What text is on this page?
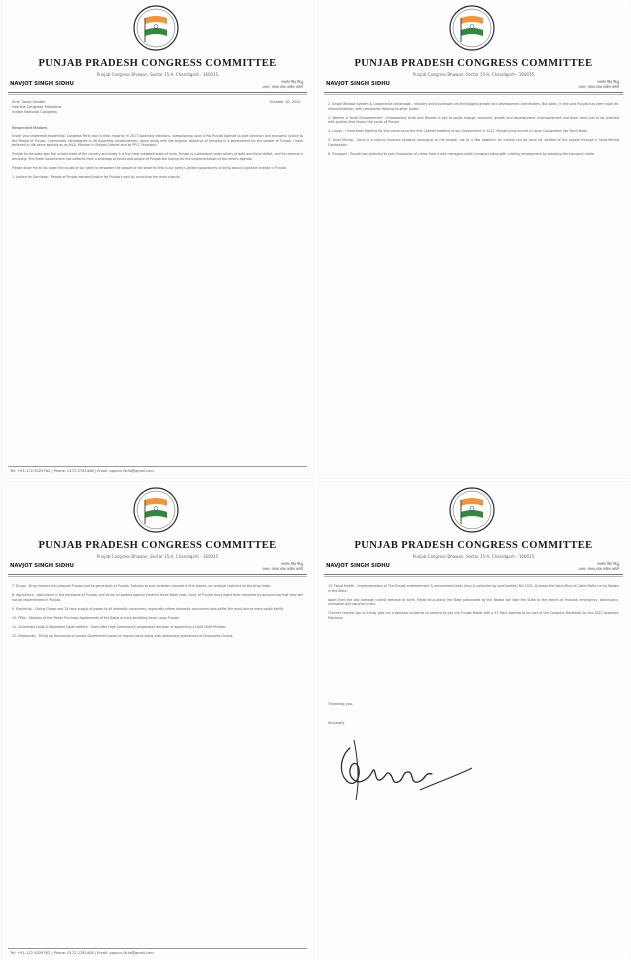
PUNJAB PRADESH CONGRESS COMMITTEE
Punjab Congress Bhawan, Sector 15-A, Chandigarh - 160015
NAVJOT SINGH SIDHU	नवजोत सिंह सिद्धू
प्रधान, पंजाब प्रदेश कांग्रेस कमेटी
Smt. Sonia Gandhi
Hon'ble Congress President
Indian National Congress
October 10, 2021
Respected Madam,

Under your esteemed leadership, Congress Party won a clear majority in 2017 Assembly elections, campaigning upon a Pro-Punjab Agenda to give direction and economic justice to the People of Punjab. I personally campaigned in 96 Assembly constituencies, alone along with the singular objective of bringing in a government for the people of Punjab. I have believed in the same agenda as an MLA, Minister in Punjab Cabinet and as PPCC President.

Punjab for decades was the richest state of the country and today it is the most indebted state of India. Punjab is submerged under pillars of debt and fiscal deficit, and its revenue is declining. The State Government has suffered from a shortage of funds and people of Punjab are hoping for the implementation of the reform agenda.

Please allow me to list down the issues of our party to empower the people of the state for this is our party's golden opportunity to bring about a positive change in Punjab.

1. Justice for Sacrilege - People of Punjab demand Justice for Punjab's soul by punishing the main culprits.

Tel: +91-172-5029762 | Phone: 0172-2781408 | Email: pppccc.fb.ld@gmail.com
PUNJAB PRADESH CONGRESS COMMITTEE
Punjab Congress Bhawan, Sector 15-A, Chandigarh - 160015
NAVJOT SINGH SIDHU	नवजोत सिंह सिद्धू
प्रधान, पंजाब प्रदेश कांग्रेस कमेटी

2. Single Window System & Cooperative Advantage - Industry and businesses are the biggest growth and development contributors. But sadly, in the past Punjab has seen rapid de-industrialisation, with companies flocking to other states.

3. Women & Youth Empowerment - Empowering Youth and Women is key to social change, economic growth and development. Unemployment and brain drain has to be checked with policies that favour the youth of Punjab.

4. Liquor - I have been fighting for this cause since the first Cabinet meeting of our Government in 2017. Punjab must ensure a Liquor Corporation like Tamil Nadu.

5. Sand Mining - Sand is a natural resource properly belonging to the people, not to a few powerful. Its mining can be done for welfare of the people through a Sand Mining Corporation.

6. Transport - Punjab has potential to earn thousands of crores from a well managed public transport along with creating employment by breaking the transport mafia.

PUNJAB PRADESH CONGRESS COMMITTEE
Punjab Congress Bhawan, Sector 15-A, Chandigarh - 160015
NAVJOT SINGH SIDHU	नवजोत सिंह सिद्धू
प्रधान, पंजाब प्रदेश कांग्रेस कमेटी

7. Drugs - Drug menace has plagued Punjab and its generation of Punjab. Solution to such problem requires a firm stance, an unequal restraint on the drug trade.

8. Agriculture - Agriculture is the backbone of Punjab, and as we all protest against Centre's three Black laws, Govt. of Punjab must reject their complete by announcing that they will not be implemented in Punjab.

9. Electricity - Giving Cheap and 24 hour supply of power to all domestic consumers, especially where domestic consumers who suffer the most due to more costly tariffs.

10. PPAs - Statutes of the Power Purchase Agreements of the Badal era are wreaking havoc upon Punjab.

11. Scheduled Caste & Backward Caste welfare - Soon after High Command's progressive decision of appointing a Dalit Chief Minister.

12. Employees - Filling up thousands of vacant Government posts on regular basis along with addressing grievances of Employees Unions.

Tel: +91-172-5029762 | Phone: 0172-2781408 | Email: pppccc.fb.ld@gmail.com
PUNJAB PRADESH CONGRESS COMMITTEE
Punjab Congress Bhawan, Sector 15-A, Chandigarh - 160015
NAVJOT SINGH SIDHU	नवजोत सिंह सिद्धू
प्रधान, पंजाब प्रदेश कांग्रेस कमेटी

13. Fiscal Health - Implementation of The Punjab entertainment & amusement taxes (levy & collection by local bodies) Bill 2021, to break the Sand-Mine of Cable Mafia run by Badals in the State.

Apart from the last damage control exercise of sorts, Media thus along the State patronized by the Badals will take the State to the extent of financial emergency, bankruptcy, corruption and agrarian crisis.

I further request you to kindly give me a personal audience to present to you the Punjab Model with a 13 Point Agenda to be part of the Congress Manifesto for the 2022 Assembly Elections.

Thanking you,
Sincerely
